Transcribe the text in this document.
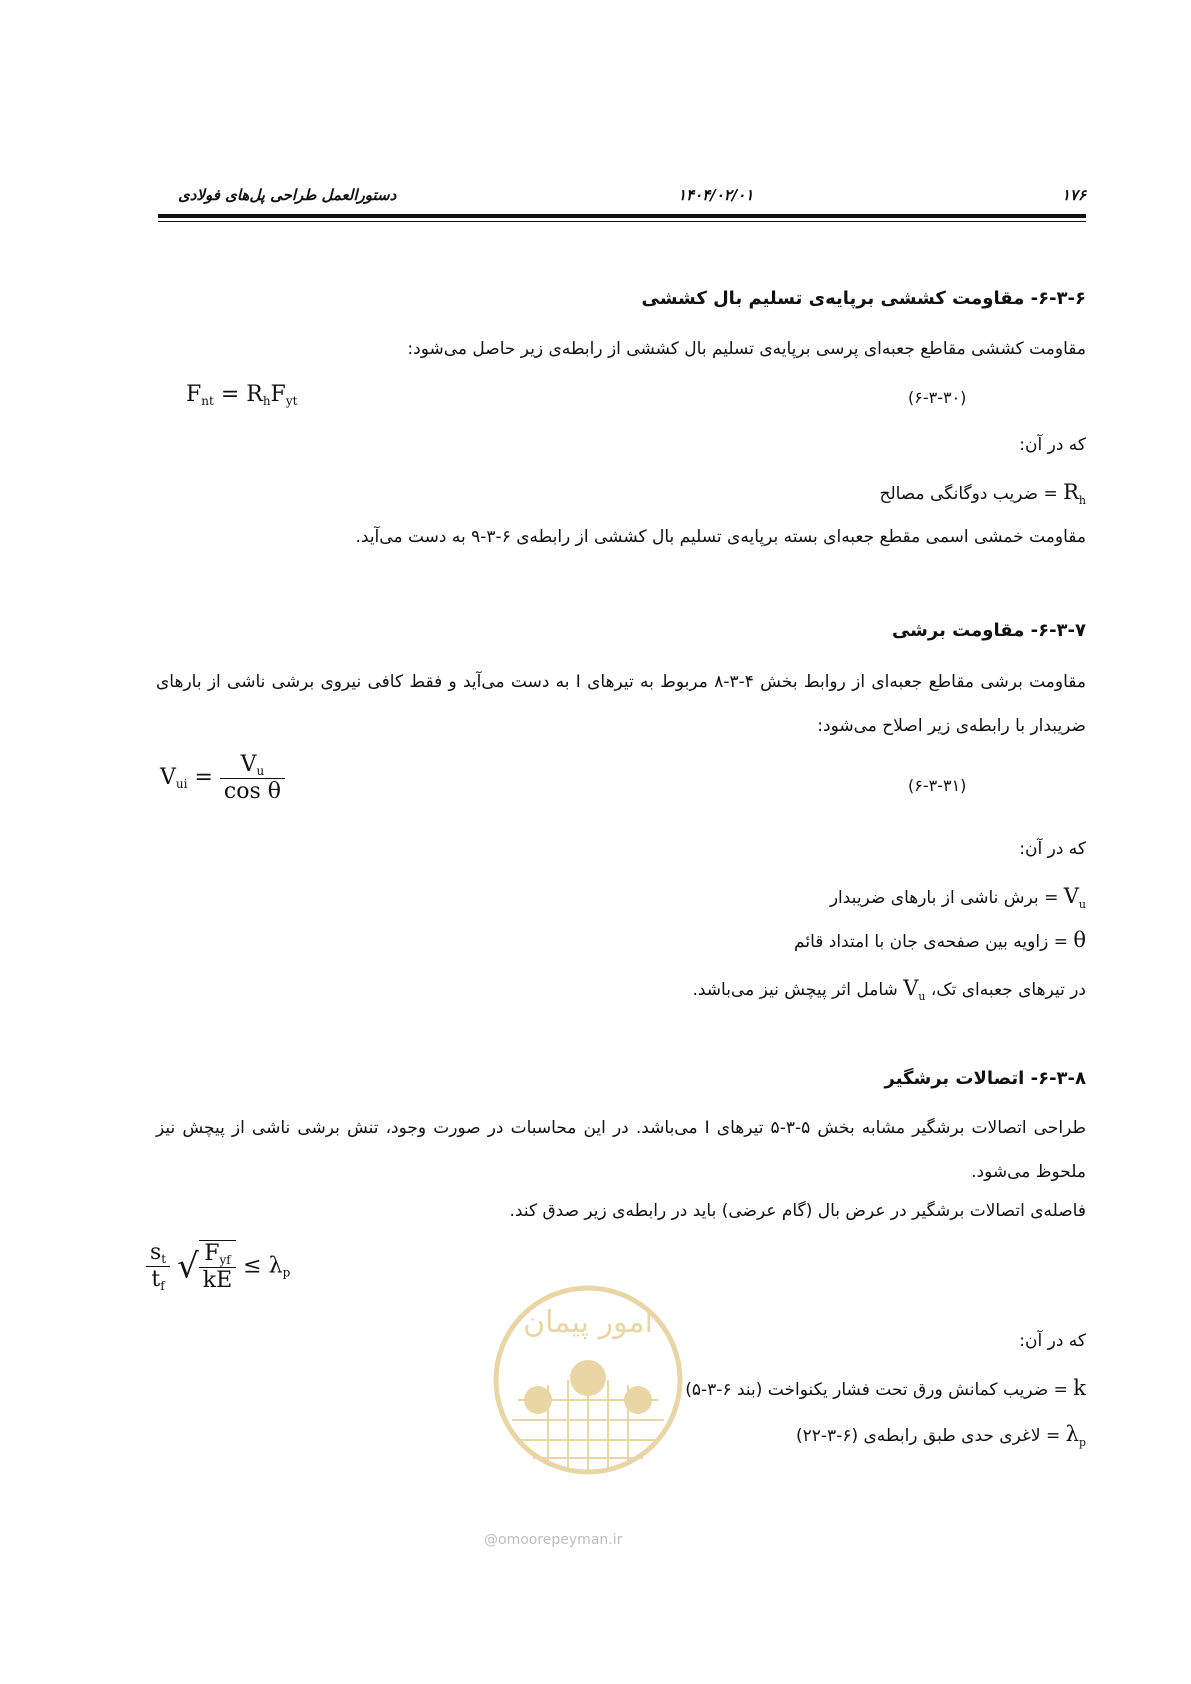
۱۷۶
۱۴۰۴/۰۲/۰۱
دستورالعمل طراحی پل‌های فولادی
۶-۳-۶- مقاومت کششی برپایه‌ی تسلیم بال کششی
مقاومت کششی مقاطع جعبه‌ای پرسی برپایه‌ی تسلیم بال کششی از رابطه‌ی زیر حاصل می‌شود:
$F_{nt} = R_hF_{yt}$	(۶-۳-۳۰)
که در آن:
$R_h$ = ضریب دوگانگی مصالح
مقاومت خمشی اسمی مقطع جعبه‌ای بسته برپایه‌ی تسلیم بال کششی از رابطه‌ی ۶-۳-۹ به دست می‌آید.
۶-۳-۷- مقاومت برشی
مقاومت برشی مقاطع جعبه‌ای از روابط بخش ۴-۳-۸ مربوط به تیرهای I به دست می‌آید و فقط کافی نیروی برشی ناشی از بارهای ضریبدار با رابطه‌ی زیر اصلاح می‌شود:
$V_{ui} = \frac{V_u}{\text{cos θ}}$	(۶-۳-۳۱)
که در آن:
$V_u$ = برش ناشی از بارهای ضریبدار
θ = زاویه بین صفحه‌ی جان با امتداد قائم
در تیرهای جعبه‌ای تک، $V_u$ شامل اثر پیچش نیز می‌باشد.
۶-۳-۸- اتصالات برشگیر
طراحی اتصالات برشگیر مشابه بخش ۵-۳-۵ تیرهای I می‌باشد. در این محاسبات در صورت وجود، تنش برشی ناشی از پیچش نیز ملحوظ می‌شود.
فاصله‌ی اتصالات برشگیر در عرض بال (گام عرضی) باید در رابطه‌ی زیر صدق کند.
$\frac{s_t}{t_f}$ √ $\frac{F_{yf}}{kE} \le \lambda_p$
که در آن:
k = ضریب کمانش ورق تحت فشار یکنواخت (بند ۶-۳-۵)
$\lambda_p$ = لاغری حدی طبق رابطه‌ی (۶-۳-۲۲)
امور پیمان
@omoorepeyman.ir
